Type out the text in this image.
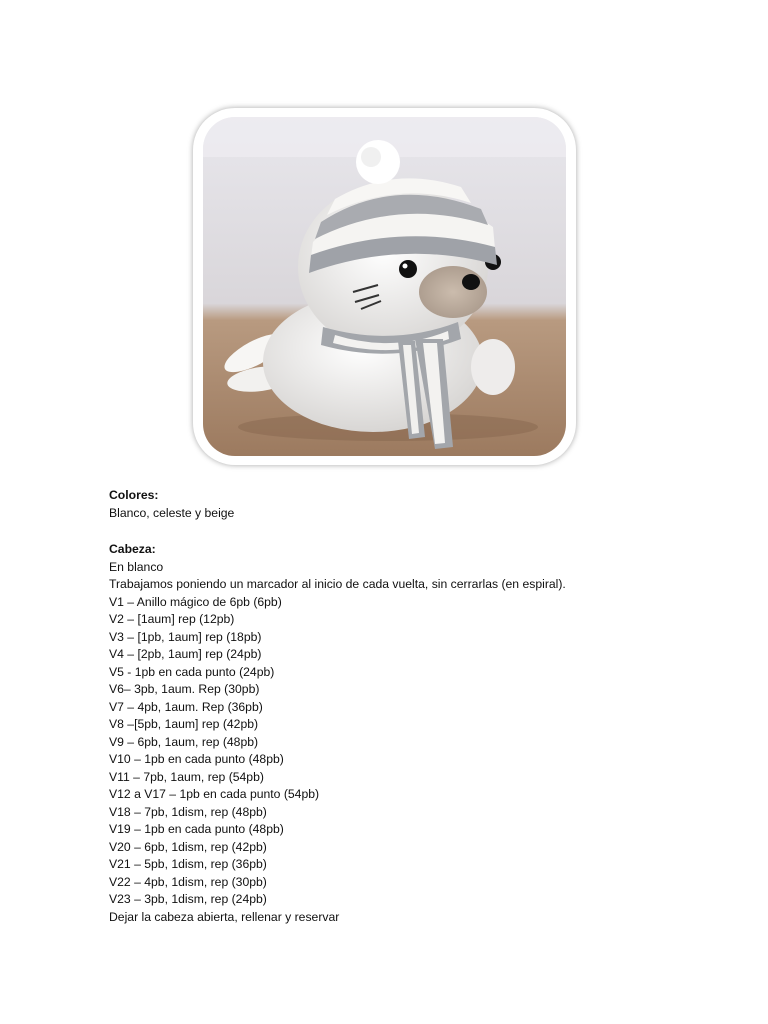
Colores:
Blanco, celeste y beige
Cabeza:
En blanco
Trabajamos poniendo un marcador al inicio de cada vuelta, sin cerrarlas (en espiral).
V1 – Anillo mágico de 6pb (6pb)
V2 – [1aum] rep (12pb)
V3 – [1pb, 1aum] rep (18pb)
V4 – [2pb, 1aum] rep (24pb)
V5 - 1pb en cada punto (24pb)
V6– 3pb, 1aum. Rep (30pb)
V7 – 4pb, 1aum. Rep (36pb)
V8 –[5pb, 1aum] rep (42pb)
V9 – 6pb, 1aum, rep (48pb)
V10 – 1pb en cada punto (48pb)
V11 – 7pb, 1aum, rep (54pb)
V12 a V17 – 1pb en cada punto (54pb)
V18 – 7pb, 1dism, rep (48pb)
V19 – 1pb en cada punto (48pb)
V20 – 6pb, 1dism, rep (42pb)
V21 – 5pb, 1dism, rep (36pb)
V22 – 4pb, 1dism, rep (30pb)
V23 – 3pb, 1dism, rep (24pb)
Dejar la cabeza abierta, rellenar y reservar
